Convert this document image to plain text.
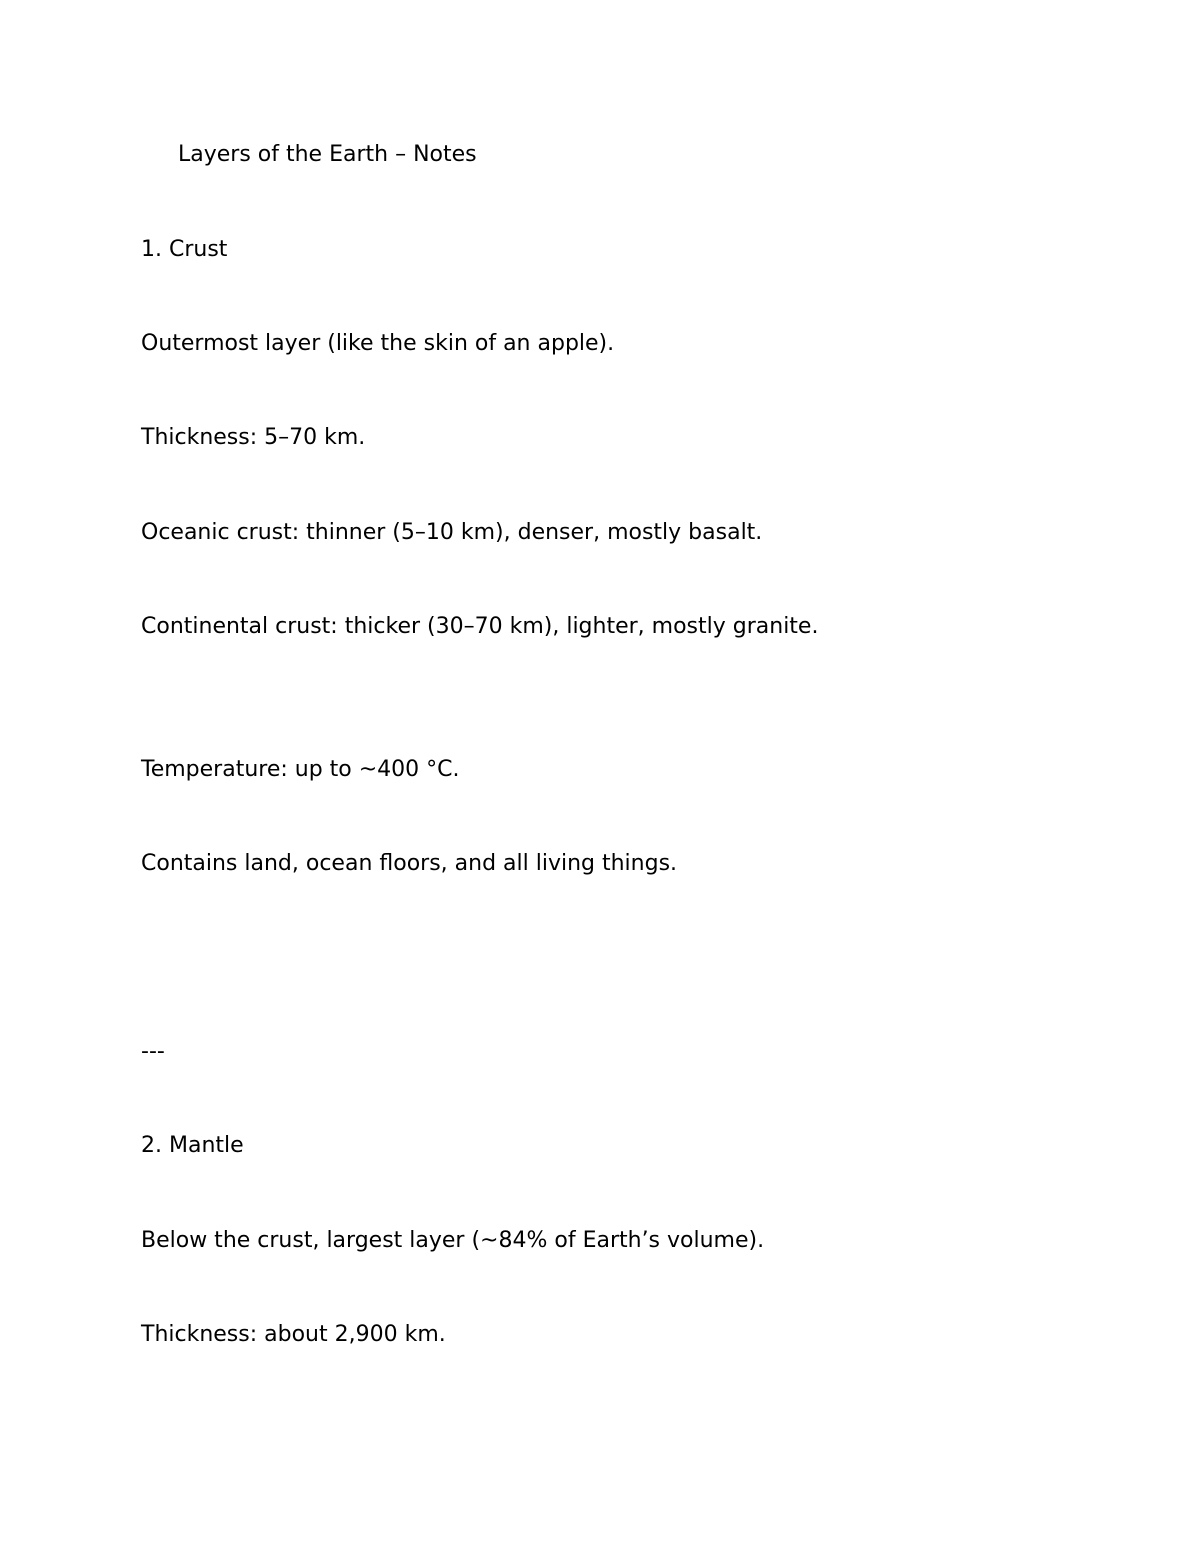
Layers of the Earth – Notes
1. Crust
Outermost layer (like the skin of an apple).
Thickness: 5–70 km.
Oceanic crust: thinner (5–10 km), denser, mostly basalt.
Continental crust: thicker (30–70 km), lighter, mostly granite.
Temperature: up to ~400 °C.
Contains land, ocean floors, and all living things.
---
2. Mantle
Below the crust, largest layer (~84% of Earth’s volume).
Thickness: about 2,900 km.
